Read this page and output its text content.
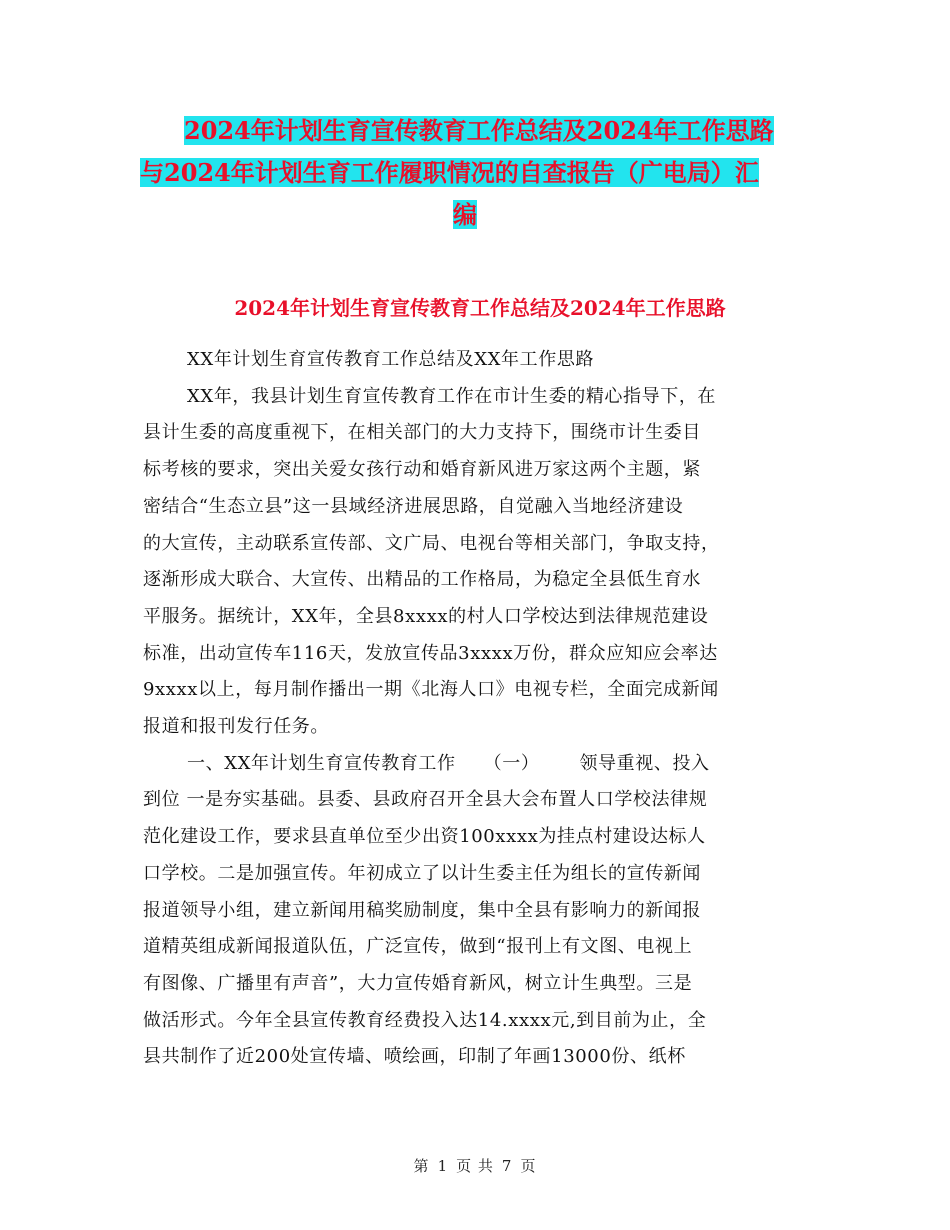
2024年计划生育宣传教育工作总结及2024年工作思路
与2024年计划生育工作履职情况的自查报告（广电局）汇
编
2024年计划生育宣传教育工作总结及2024年工作思路
XX年计划生育宣传教育工作总结及XX年工作思路
XX年，我县计划生育宣传教育工作在市计生委的精心指导下，在
县计生委的高度重视下，在相关部门的大力支持下，围绕市计生委目
标考核的要求，突出关爱女孩行动和婚育新风进万家这两个主题，紧
密结合“生态立县”这一县域经济进展思路，自觉融入当地经济建设
的大宣传，主动联系宣传部、文广局、电视台等相关部门，争取支持，
逐渐形成大联合、大宣传、出精品的工作格局，为稳定全县低生育水
平服务。据统计，XX年，全县8xxxx的村人口学校达到法律规范建设
标准，出动宣传车116天，发放宣传品3xxxx万份，群众应知应会率达
9xxxx以上，每月制作播出一期《北海人口》电视专栏，全面完成新闻
报道和报刊发行任务。
一、XX年计划生育宣传教育工作 （一） 领导重视、投入
到位 一是夯实基础。县委、县政府召开全县大会布置人口学校法律规
范化建设工作，要求县直单位至少出资100xxxx为挂点村建设达标人
口学校。二是加强宣传。年初成立了以计生委主任为组长的宣传新闻
报道领导小组，建立新闻用稿奖励制度，集中全县有影响力的新闻报
道精英组成新闻报道队伍，广泛宣传，做到“报刊上有文图、电视上
有图像、广播里有声音”，大力宣传婚育新风，树立计生典型。三是
做活形式。今年全县宣传教育经费投入达14.xxxx元,到目前为止，全
县共制作了近200处宣传墙、喷绘画，印制了年画13000份、纸杯
第 1 页 共 7 页
